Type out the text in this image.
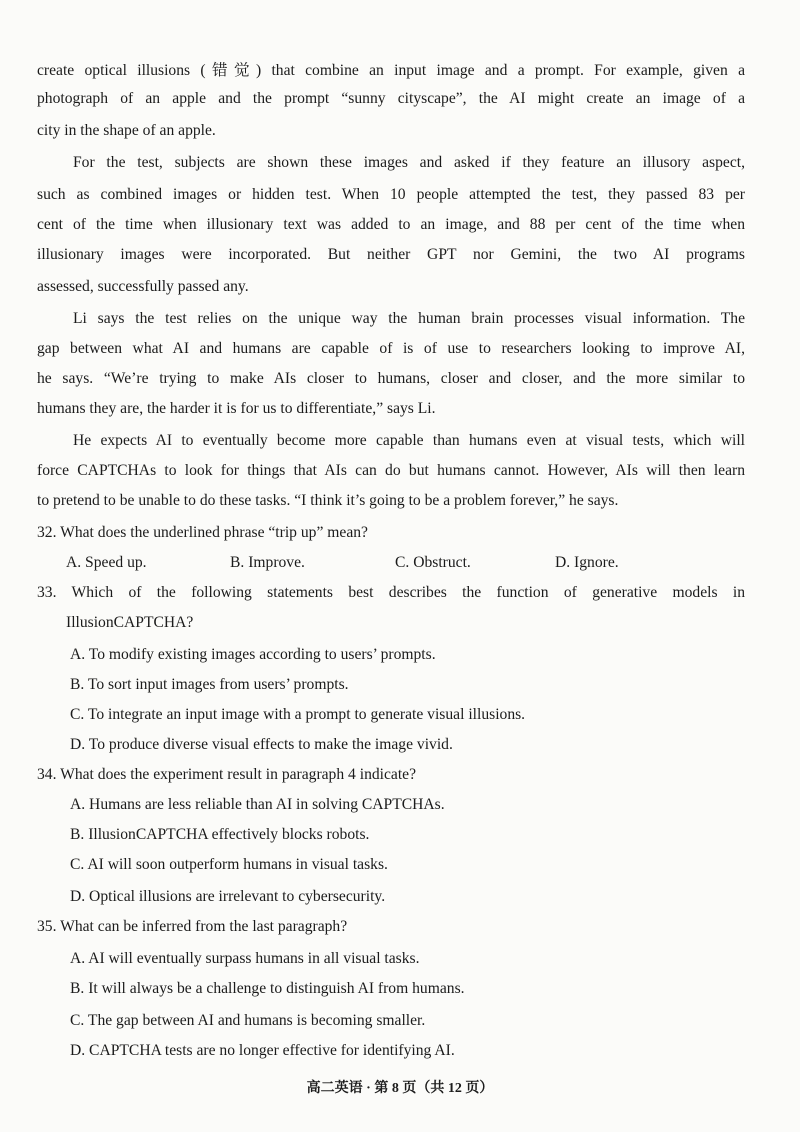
create optical illusions (错觉) that combine an input image and a prompt. For example, given a
photograph of an apple and the prompt “sunny cityscape”, the AI might create an image of a
city in the shape of an apple.
For the test, subjects are shown these images and asked if they feature an illusory aspect,
such as combined images or hidden test. When 10 people attempted the test, they passed 83 per
cent of the time when illusionary text was added to an image, and 88 per cent of the time when
illusionary images were incorporated. But neither GPT nor Gemini, the two AI programs
assessed, successfully passed any.
Li says the test relies on the unique way the human brain processes visual information. The
gap between what AI and humans are capable of is of use to researchers looking to improve AI,
he says. “We’re trying to make AIs closer to humans, closer and closer, and the more similar to
humans they are, the harder it is for us to differentiate,” says Li.
He expects AI to eventually become more capable than humans even at visual tests, which will
force CAPTCHAs to look for things that AIs can do but humans cannot. However, AIs will then learn
to pretend to be unable to do these tasks. “I think it’s going to be a problem forever,” he says.
32. What does the underlined phrase “trip up” mean?
A. Speed up.	B. Improve.	C. Obstruct.	D. Ignore.
33. Which of the following statements best describes the function of generative models in
IllusionCAPTCHA?
A. To modify existing images according to users’ prompts.
B. To sort input images from users’ prompts.
C. To integrate an input image with a prompt to generate visual illusions.
D. To produce diverse visual effects to make the image vivid.
34. What does the experiment result in paragraph 4 indicate?
A. Humans are less reliable than AI in solving CAPTCHAs.
B. IllusionCAPTCHA effectively blocks robots.
C. AI will soon outperform humans in visual tasks.
D. Optical illusions are irrelevant to cybersecurity.
35. What can be inferred from the last paragraph?
A. AI will eventually surpass humans in all visual tasks.
B. It will always be a challenge to distinguish AI from humans.
C. The gap between AI and humans is becoming smaller.
D. CAPTCHA tests are no longer effective for identifying AI.
高二英语 · 第 8 页（共 12 页）
